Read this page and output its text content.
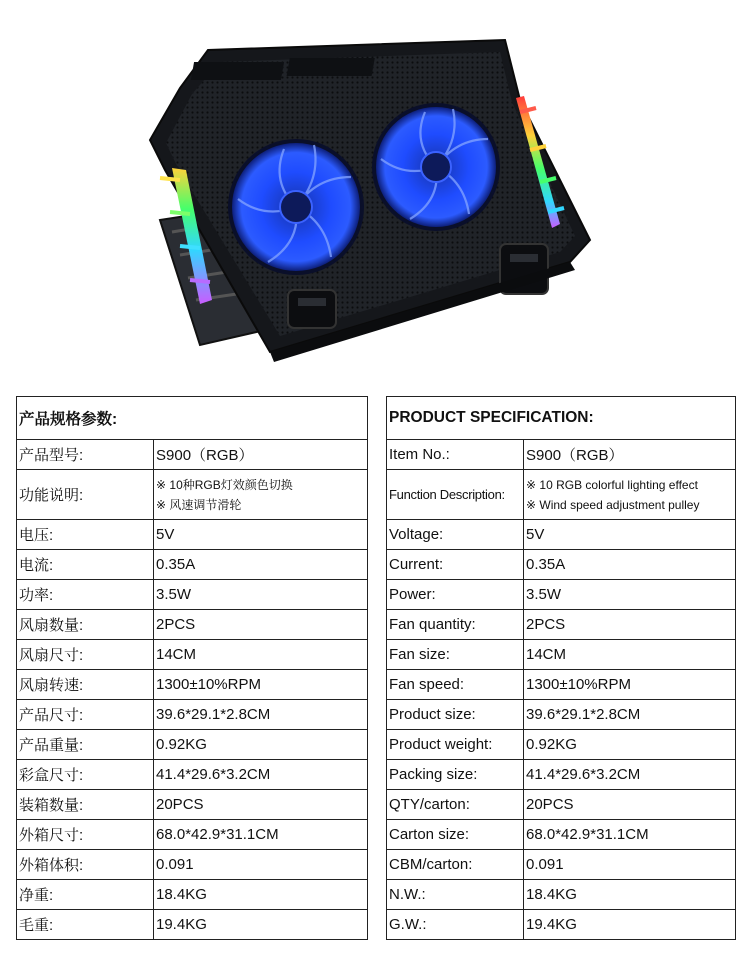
产品规格参数:	
产品型号:	S900（RGB）
功能说明:	※ 10种RGB灯效颜色切换
※ 风速调节滑轮

电压:	5V
电流:	0.35A
功率:	3.5W
风扇数量:	2PCS
风扇尺寸:	14CM
风扇转速:	1300±10%RPM
产品尺寸:	39.6*29.1*2.8CM
产品重量:	0.92KG
彩盒尺寸:	41.4*29.6*3.2CM
装箱数量:	20PCS
外箱尺寸:	68.0*42.9*31.1CM
外箱体积:	0.091
净重:	18.4KG
毛重:	19.4KG
PRODUCT SPECIFICATION:	
Item No.:	S900（RGB）
Function Description:	※ 10 RGB colorful lighting effect
※ Wind speed adjustment pulley

Voltage:	5V
Current:	0.35A
Power:	3.5W
Fan quantity:	2PCS
Fan size:	14CM
Fan speed:	1300±10%RPM
Product size:	39.6*29.1*2.8CM
Product weight:	0.92KG
Packing size:	41.4*29.6*3.2CM
QTY/carton:	20PCS
Carton size:	68.0*42.9*31.1CM
CBM/carton:	0.091
N.W.:	18.4KG
G.W.:	19.4KG
